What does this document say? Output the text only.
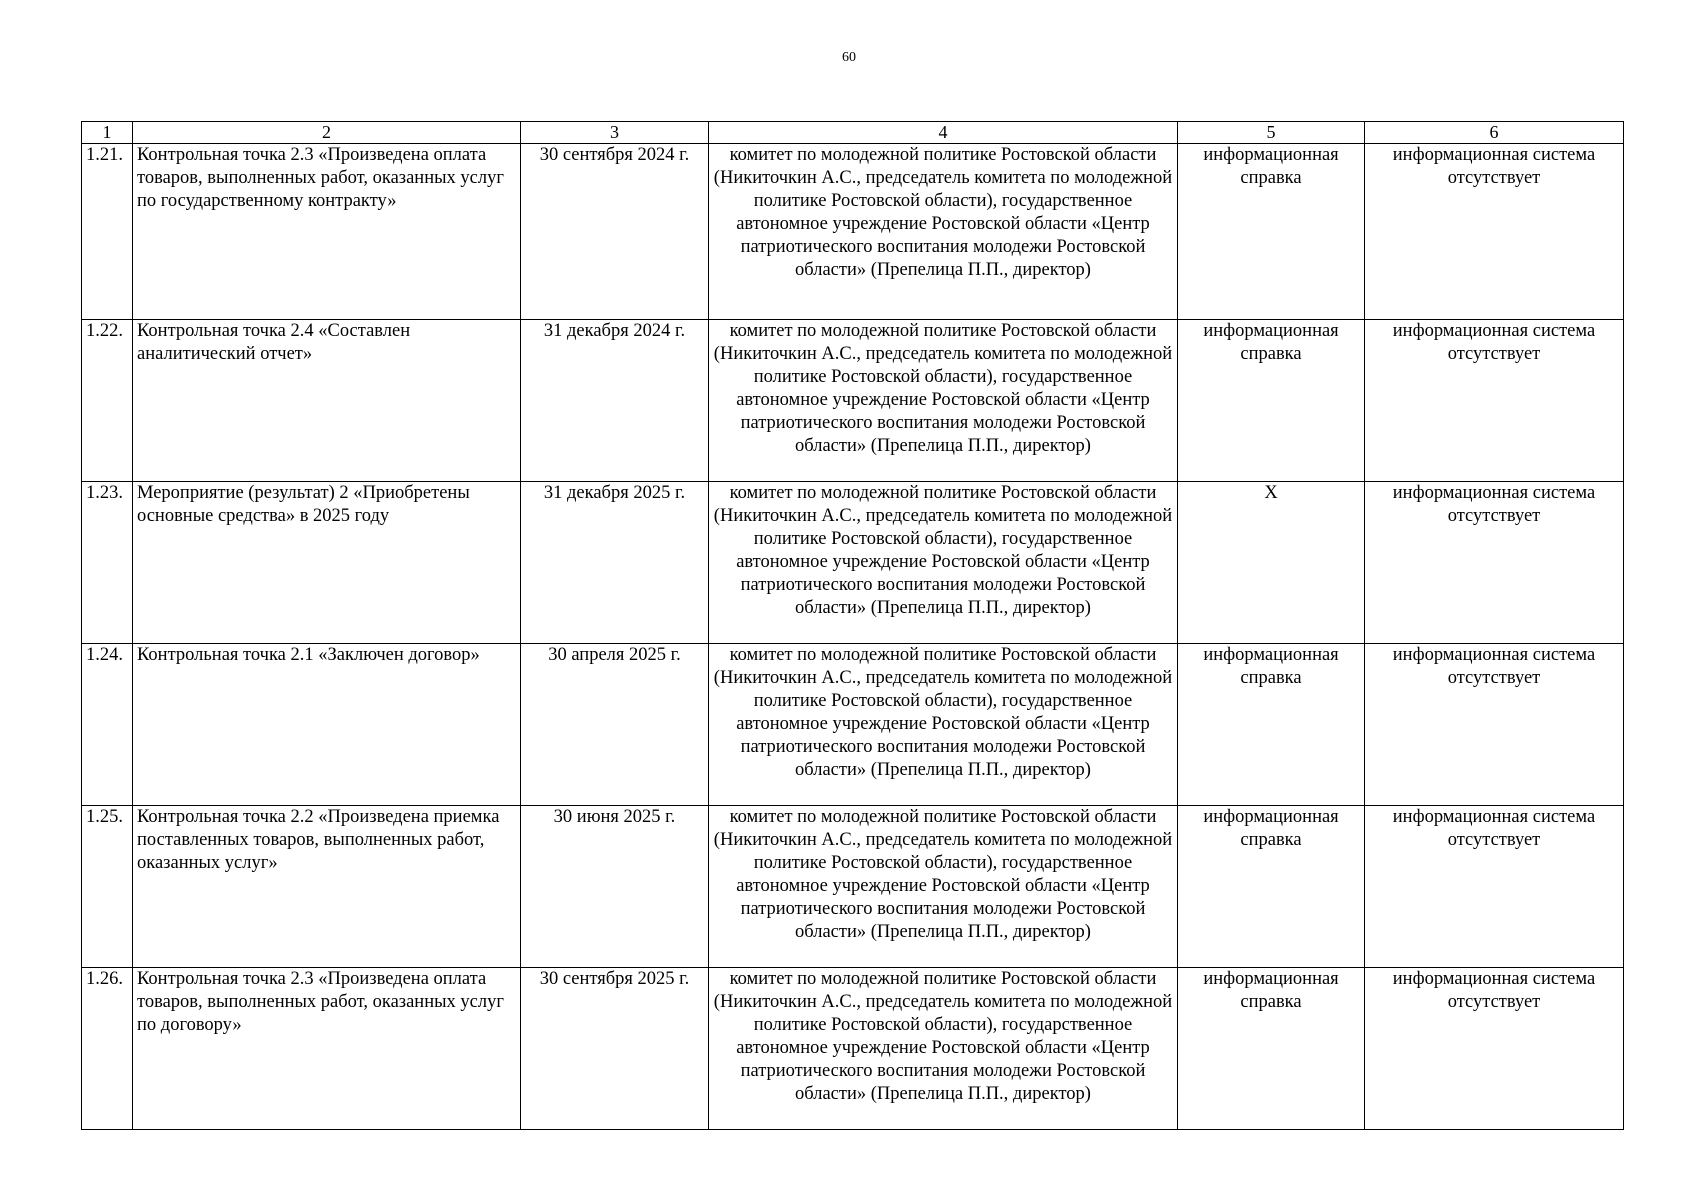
60
1	2	3	4	5	6
1.21.	Контрольная точка 2.3 «Произведена оплата товаров, выполненных работ, оказанных услуг по государственному контракту»	30 сентября 2024 г.	комитет по молодежной политике Ростовской области (Никиточкин А.С., председатель комитета по молодежной политике Ростовской области), государственное автономное учреждение Ростовской области «Центр патриотического воспитания молодежи Ростовской области» (Препелица П.П., директор)	информационная справка	информационная система отсутствует
1.22.	Контрольная точка 2.4 «Составлен аналитический отчет»	31 декабря 2024 г.	комитет по молодежной политике Ростовской области (Никиточкин А.С., председатель комитета по молодежной политике Ростовской области), государственное автономное учреждение Ростовской области «Центр патриотического воспитания молодежи Ростовской области» (Препелица П.П., директор)	информационная справка	информационная система отсутствует
1.23.	Мероприятие (результат) 2 «Приобретены основные средства» в 2025 году	31 декабря 2025 г.	комитет по молодежной политике Ростовской области (Никиточкин А.С., председатель комитета по молодежной политике Ростовской области), государственное автономное учреждение Ростовской области «Центр патриотического воспитания молодежи Ростовской области» (Препелица П.П., директор)	Х	информационная система отсутствует
1.24.	Контрольная точка 2.1 «Заключен договор»	30 апреля 2025 г.	комитет по молодежной политике Ростовской области (Никиточкин А.С., председатель комитета по молодежной политике Ростовской области), государственное автономное учреждение Ростовской области «Центр патриотического воспитания молодежи Ростовской области» (Препелица П.П., директор)	информационная справка	информационная система отсутствует
1.25.	Контрольная точка 2.2 «Произведена приемка поставленных товаров, выполненных работ, оказанных услуг»	30 июня 2025 г.	комитет по молодежной политике Ростовской области (Никиточкин А.С., председатель комитета по молодежной политике Ростовской области), государственное автономное учреждение Ростовской области «Центр патриотического воспитания молодежи Ростовской области» (Препелица П.П., директор)	информационная справка	информационная система отсутствует
1.26.	Контрольная точка 2.3 «Произведена оплата товаров, выполненных работ, оказанных услуг по договору»	30 сентября 2025 г.	комитет по молодежной политике Ростовской области (Никиточкин А.С., председатель комитета по молодежной политике Ростовской области), государственное автономное учреждение Ростовской области «Центр патриотического воспитания молодежи Ростовской области» (Препелица П.П., директор)	информационная справка	информационная система отсутствует
